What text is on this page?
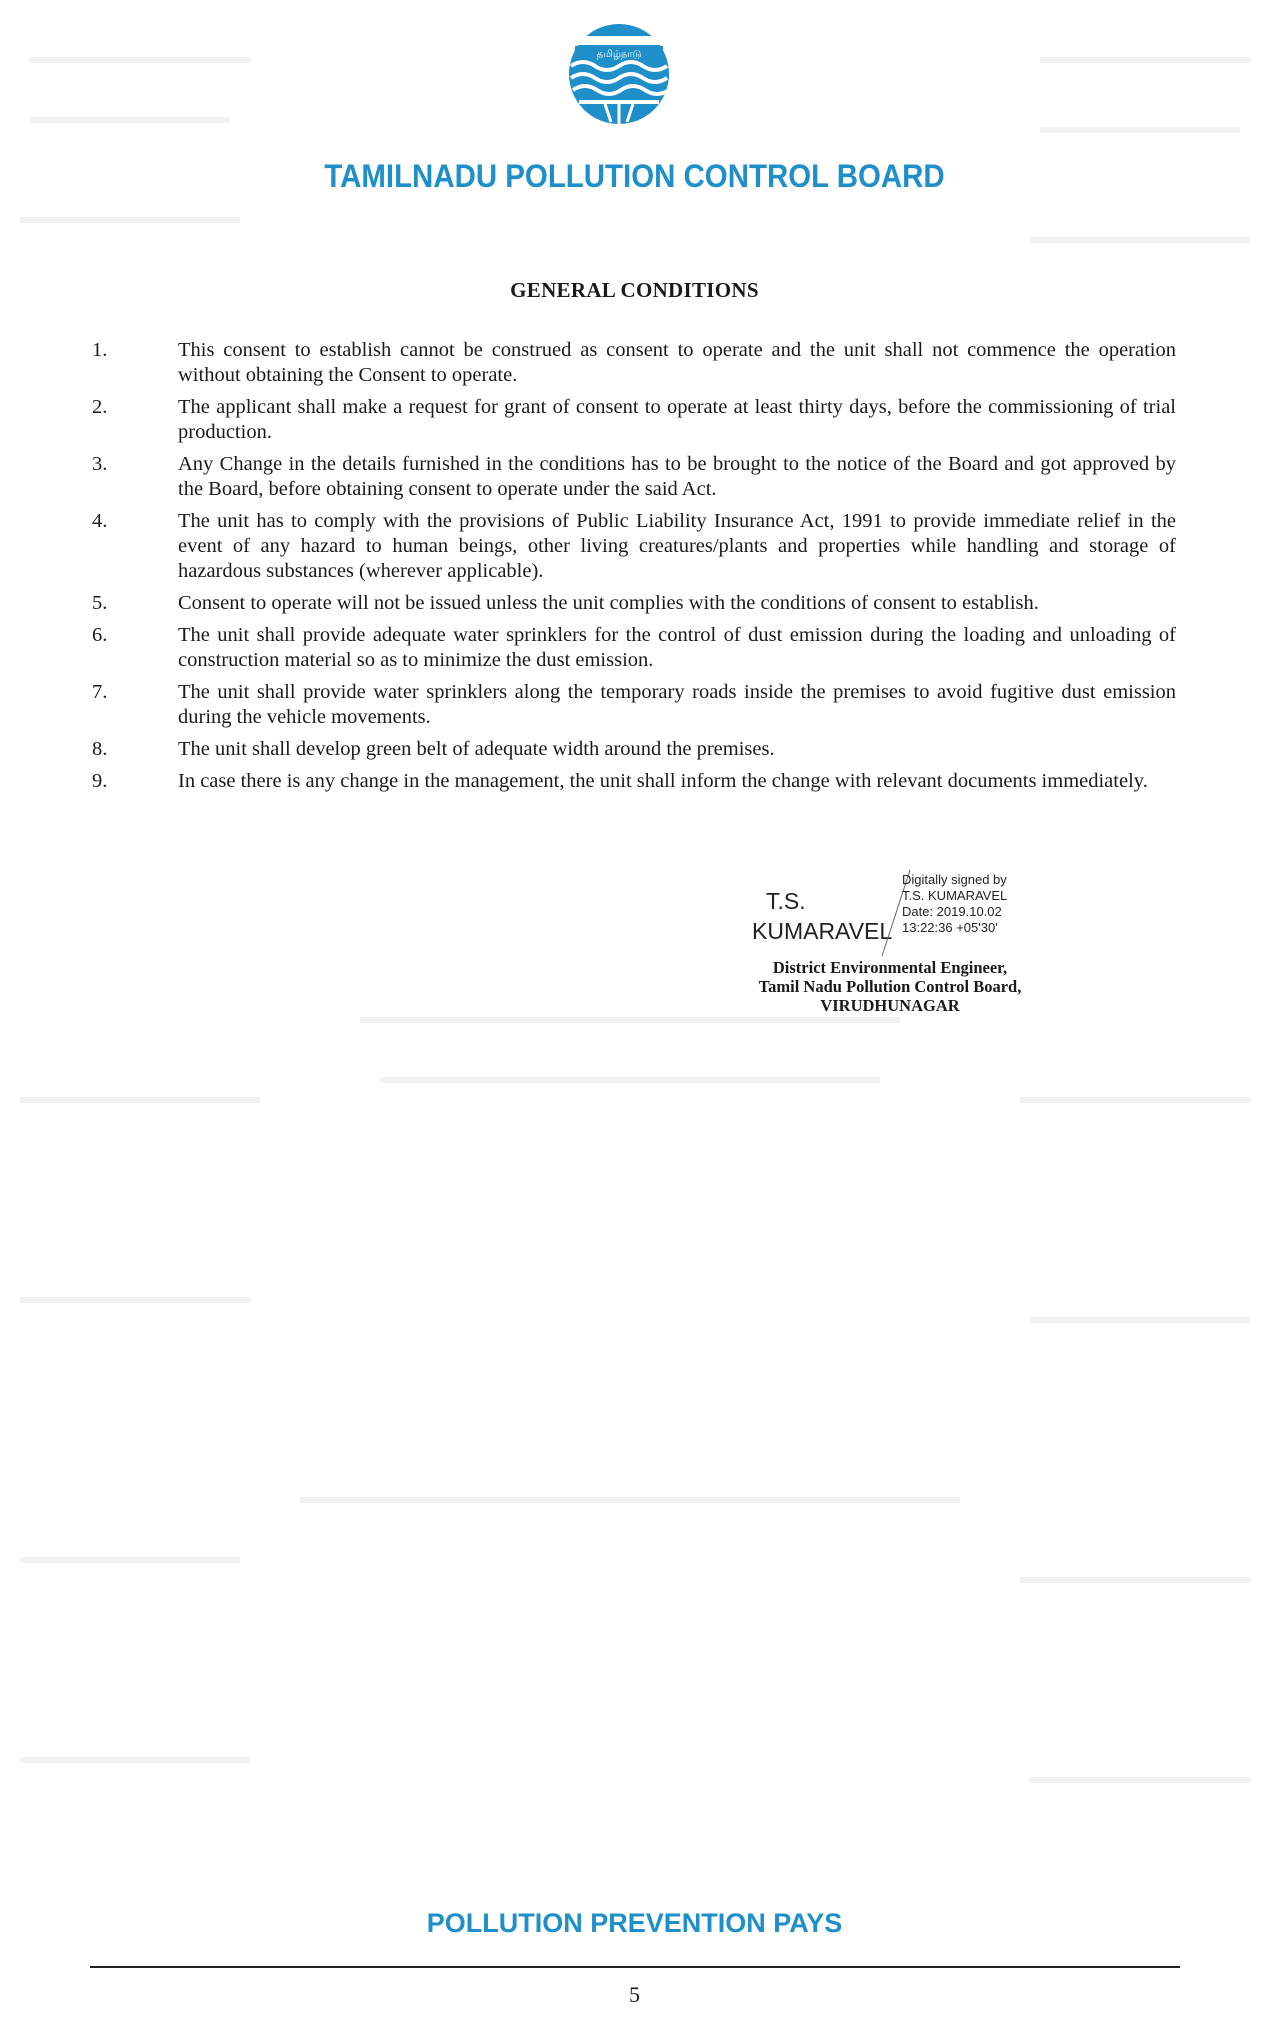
தமிழ்நாடு
TAMILNADU POLLUTION CONTROL BOARD
GENERAL CONDITIONS
1.	This consent to establish cannot be construed as consent to operate and the unit shall not commence the operation without obtaining the Consent to operate.
2.	The applicant shall make a request for grant of consent to operate at least thirty days, before the commissioning of trial production.
3.	Any Change in the details furnished in the conditions has to be brought to the notice of the Board and got approved by the Board, before obtaining consent to operate under the said Act.
4.	The unit has to comply with the provisions of Public Liability Insurance Act, 1991 to provide immediate relief in the event of any hazard to human beings, other living creatures/plants and properties while handling and storage of hazardous substances (wherever applicable).
5.	Consent to operate will not be issued unless the unit complies with the conditions of consent to establish.
6.	The unit shall provide adequate water sprinklers for the control of dust emission during the loading and unloading of construction material so as to minimize the dust emission.
7.	The unit shall provide water sprinklers along the temporary roads inside the premises to avoid fugitive dust emission during the vehicle movements.
8.	The unit shall develop green belt of adequate width around the premises.
9.	In case there is any change in the management, the unit shall inform the change with relevant documents immediately.
T.S.
KUMARAVEL
Digitally signed by
T.S. KUMARAVEL
Date: 2019.10.02
13:22:36 +05'30'
District Environmental Engineer,
Tamil Nadu Pollution Control Board,
VIRUDHUNAGAR
POLLUTION PREVENTION PAYS
5
